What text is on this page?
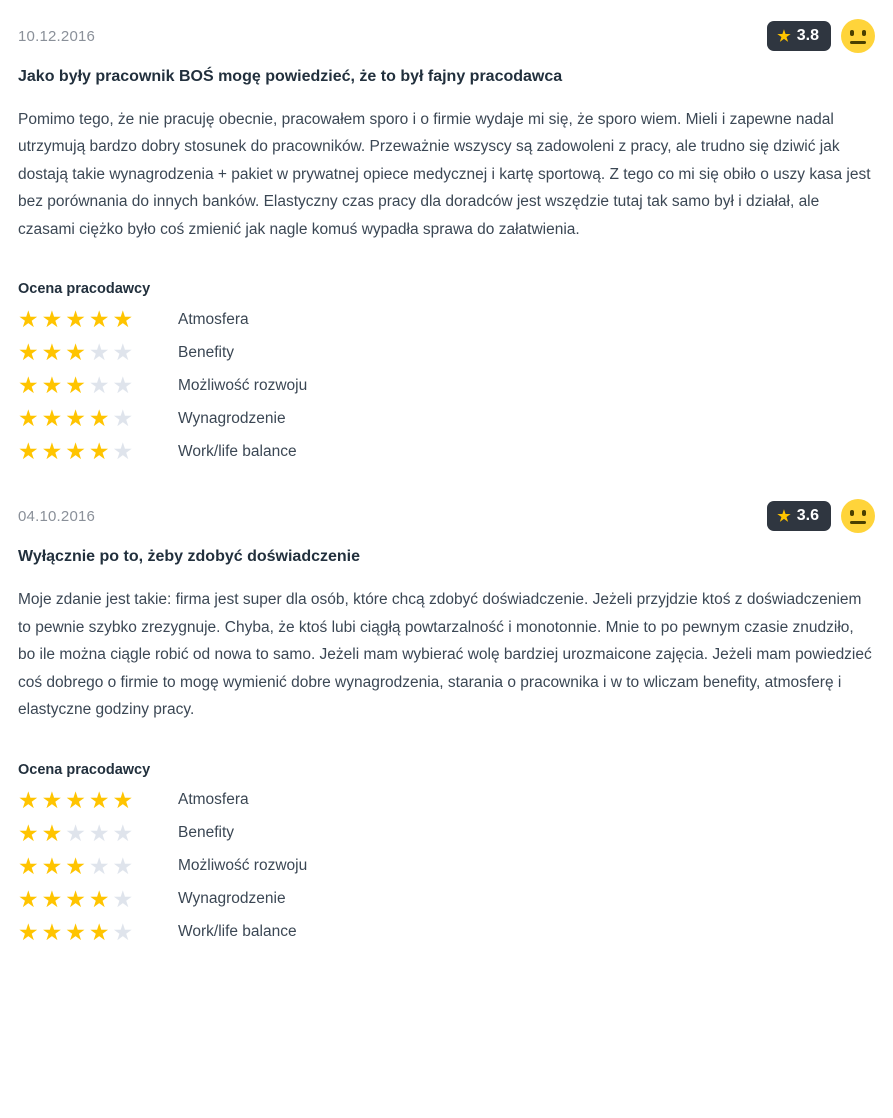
10.12.2016	★ 3.8
Jako były pracownik BOŚ mogę powiedzieć, że to był fajny pracodawca

Pomimo tego, że nie pracuję obecnie, pracowałem sporo i o firmie wydaje mi się, że sporo wiem. Mieli i zapewne nadal utrzymują bardzo dobry stosunek do pracowników. Przeważnie wszyscy są zadowoleni z pracy, ale trudno się dziwić jak dostają takie wynagrodzenia + pakiet w prywatnej opiece medycznej i kartę sportową. Z tego co mi się obiło o uszy kasa jest bez porównania do innych banków. Elastyczny czas pracy dla doradców jest wszędzie tutaj tak samo był i działał, ale czasami ciężko było coś zmienić jak nagle komuś wypadła sprawa do załatwienia.

Ocena pracodawcy
★★★★★	Atmosfera
★★★★★	Benefity
★★★★★	Możliwość rozwoju
★★★★★	Wynagrodzenie
★★★★★	Work/life balance
04.10.2016	★ 3.6
Wyłącznie po to, żeby zdobyć doświadczenie

Moje zdanie jest takie: firma jest super dla osób, które chcą zdobyć doświadczenie. Jeżeli przyjdzie ktoś z doświadczeniem to pewnie szybko zrezygnuje. Chyba, że ktoś lubi ciągłą powtarzalność i monotonnie. Mnie to po pewnym czasie znudziło, bo ile można ciągle robić od nowa to samo. Jeżeli mam wybierać wolę bardziej urozmaicone zajęcia. Jeżeli mam powiedzieć coś dobrego o firmie to mogę wymienić dobre wynagrodzenia, starania o pracownika i w to wliczam benefity, atmosferę i elastyczne godziny pracy.

Ocena pracodawcy
★★★★★	Atmosfera
★★★★★	Benefity
★★★★★	Możliwość rozwoju
★★★★★	Wynagrodzenie
★★★★★	Work/life balance
